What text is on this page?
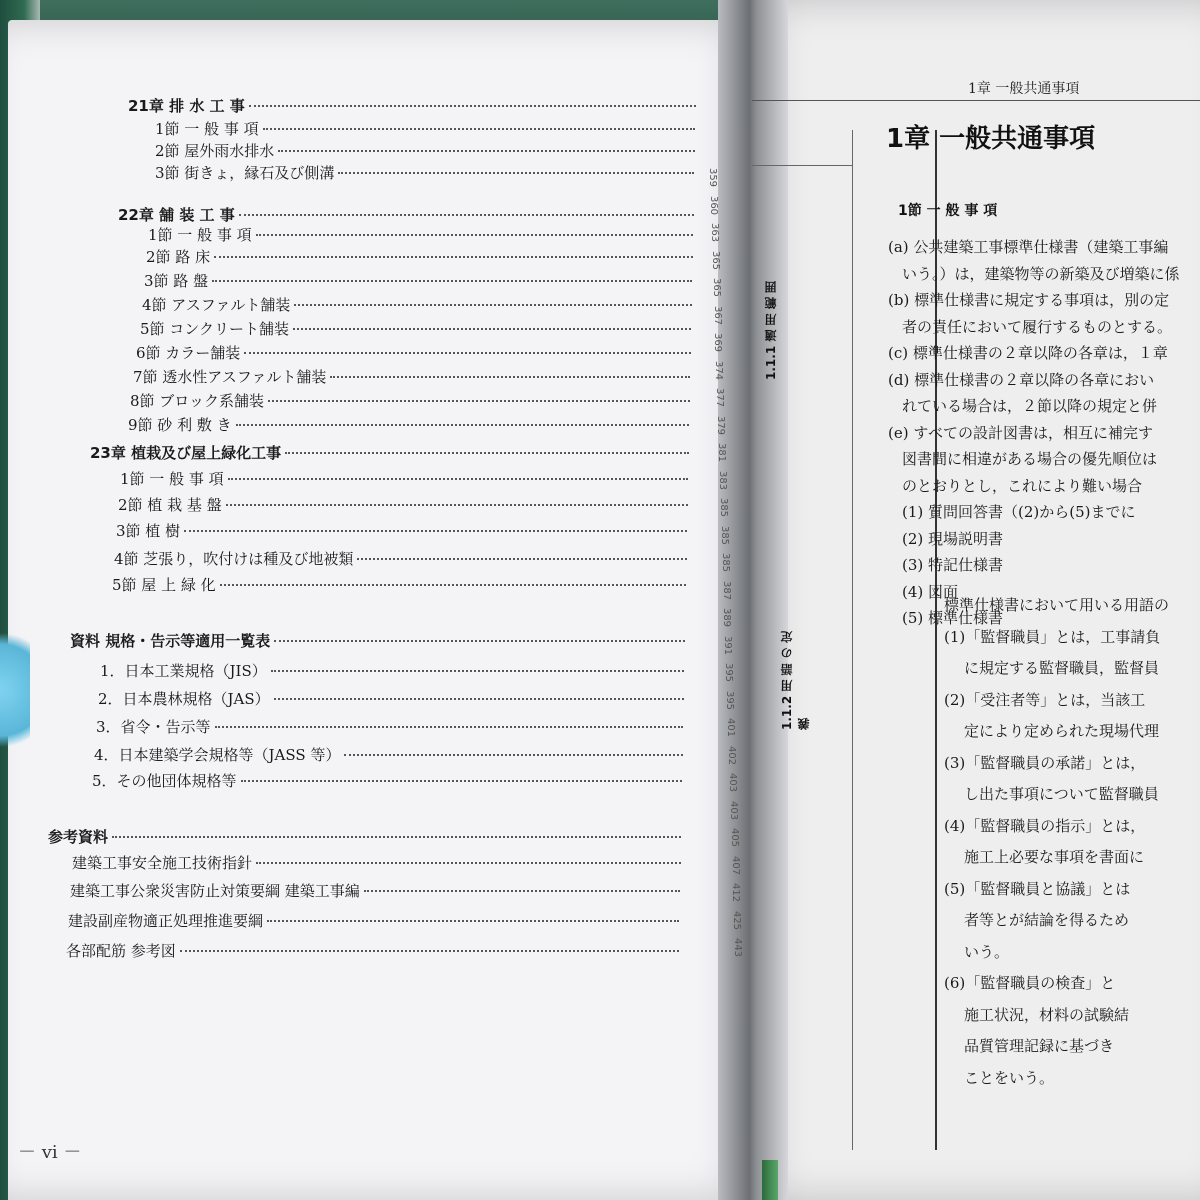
21章 排 水 工 事
1節 一 般 事 項
2節 屋外雨水排水
3節 街きょ，縁石及び側溝
22章 舗 装 工 事
1節 一 般 事 項
2節 路 床
3節 路 盤
4節 アスファルト舗装
5節 コンクリート舗装
6節 カラー舗装
7節 透水性アスファルト舗装
8節 ブロック系舗装
9節 砂 利 敷 き
23章 植栽及び屋上緑化工事
1節 一 般 事 項
2節 植 栽 基 盤
3節 植 樹
4節 芝張り，吹付けは種及び地被類
5節 屋 上 緑 化
資料 規格・告示等適用一覧表
1．日本工業規格（JIS）
2．日本農林規格（JAS）
3．省令・告示等
4．日本建築学会規格等（JASS 等）
5．その他団体規格等
参考資料
建築工事安全施工技術指針
建築工事公衆災害防止対策要綱 建築工事編
建設副産物適正処理推進要綱
各部配筋 参考図
359
360
363
365
365
367
369
374
377
379
381
383
385
385
385
387
389
391
395
395
401
402
403
403
405
407
412
425
443
－ vi －
1章 一般共通事項
1章 一般共通事項
1節 一 般 事 項
1.1.1 適 用 範 囲
1.1.2 用 語 の 定 義
(a) 公共建築工事標準仕様書（建築工事編
いう。）は，建築物等の新築及び増築に係
(b) 標準仕様書に規定する事項は，別の定
者の責任において履行するものとする。
(c) 標準仕様書の２章以降の各章は，１章
(d) 標準仕様書の２章以降の各章におい
れている場合は，２節以降の規定と併
(e) すべての設計図書は，相互に補完す
図書間に相違がある場合の優先順位は
のとおりとし，これにより難い場合
(1) 質問回答書（(2)から(5)までに
(2) 現場説明書
(3) 特記仕様書
(4) 図面
(5) 標準仕様書
標準仕様書において用いる用語の
(1)「監督職員」とは，工事請負
に規定する監督職員，監督員
(2)「受注者等」とは，当該工
定により定められた現場代理
(3)「監督職員の承諾」とは，
し出た事項について監督職員
(4)「監督職員の指示」とは，
施工上必要な事項を書面に
(5)「監督職員と協議」とは
者等とが結論を得るため
いう。
(6)「監督職員の検査」と
施工状況，材料の試験結
品質管理記録に基づき
ことをいう。
